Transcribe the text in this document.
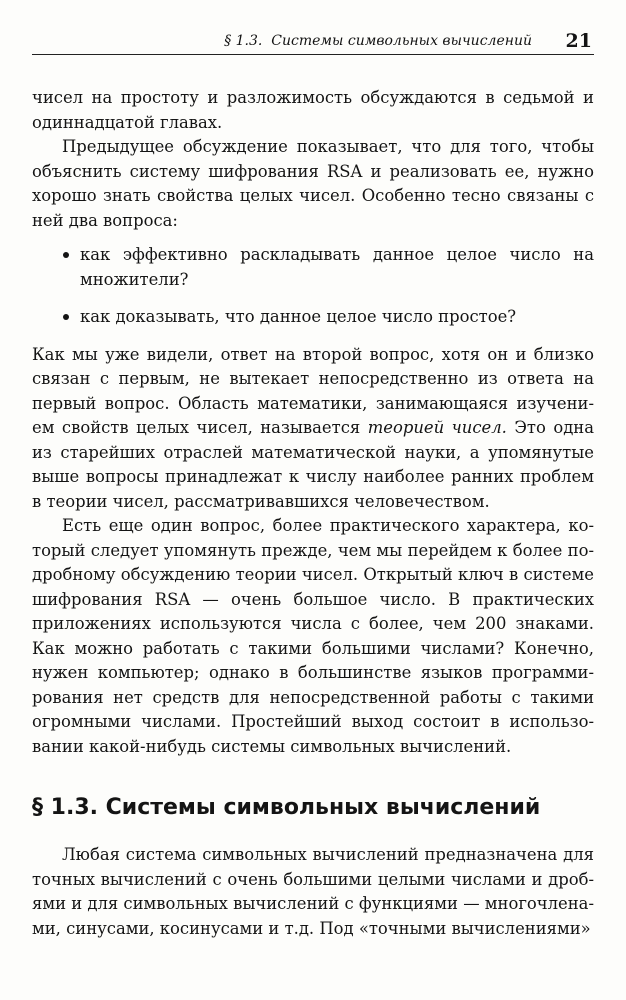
§ 1.3. Системы символьных вычислений 21

чисел на простоту и разложимость обсуждаются в седьмой и одиннадцатой главах.

Предыдущее обсуждение показывает, что для того, чтобы объяснить систему шифрования RSA и реализовать ее, нужно хорошо знать свойства целых чисел. Особенно тесно связаны с ней два вопроса:

как эффективно раскладывать данное целое число на множители?
как доказывать, что данное целое число простое?

Как мы уже видели, ответ на второй вопрос, хотя он и близко связан с первым, не вытекает непосредственно из ответа на первый вопрос. Область математики, занимающаяся изучением свойств целых чисел, называется теорией чисел. Это одна из старейших отраслей математической науки, а упомянутые выше вопросы принадлежат к числу наиболее ранних проблем в теории чисел, рассматривавшихся человечеством.

Есть еще один вопрос, более практического характера, который следует упомянуть прежде, чем мы перейдем к более подробному обсуждению теории чисел. Открытый ключ в системе шифрования RSA — очень большое число. В практических приложениях используются числа с более, чем 200 знаками. Как можно работать с такими большими числами? Конечно, нужен компьютер; однако в большинстве языков программирования нет средств для непосредственной работы с такими огромными числами. Простейший выход состоит в использовании какой-нибудь системы символьных вычислений.

§ 1.3. Системы символьных вычислений

Любая система символьных вычислений предназначена для точных вычислений с очень большими целыми числами и дробями и для символьных вычислений с функциями — многочленами, синусами, косинусами и т.д. Под «точными вычислениями»
